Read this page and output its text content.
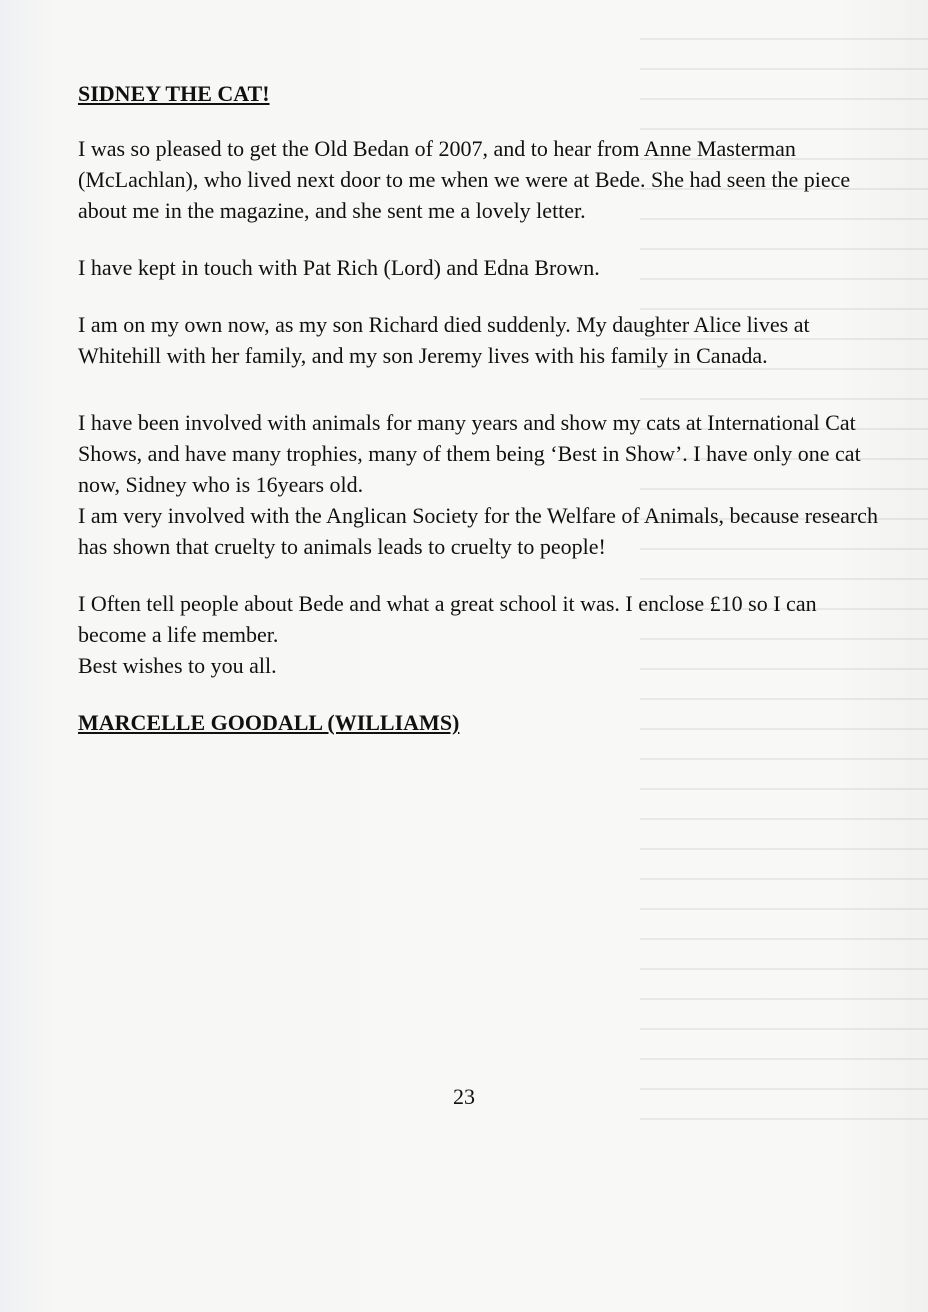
SIDNEY THE CAT!

I was so pleased to get the Old Bedan of 2007, and to hear from Anne Masterman (McLachlan), who lived next door to me when we were at Bede. She had seen the piece about me in the magazine, and she sent me a lovely letter.

I have kept in touch with Pat Rich (Lord) and Edna Brown.

I am on my own now, as my son Richard died suddenly. My daughter Alice lives at Whitehill with her family, and my son Jeremy lives with his family in Canada.

I have been involved with animals for many years and show my cats at International Cat Shows, and have many trophies, many of them being ‘Best in Show’. I have only one cat now, Sidney who is 16years old.

I am very involved with the Anglican Society for the Welfare of Animals, because research has shown that cruelty to animals leads to cruelty to people!

I Often tell people about Bede and what a great school it was. I enclose £10 so I can become a life member.

Best wishes to you all.

MARCELLE GOODALL (WILLIAMS)
23
